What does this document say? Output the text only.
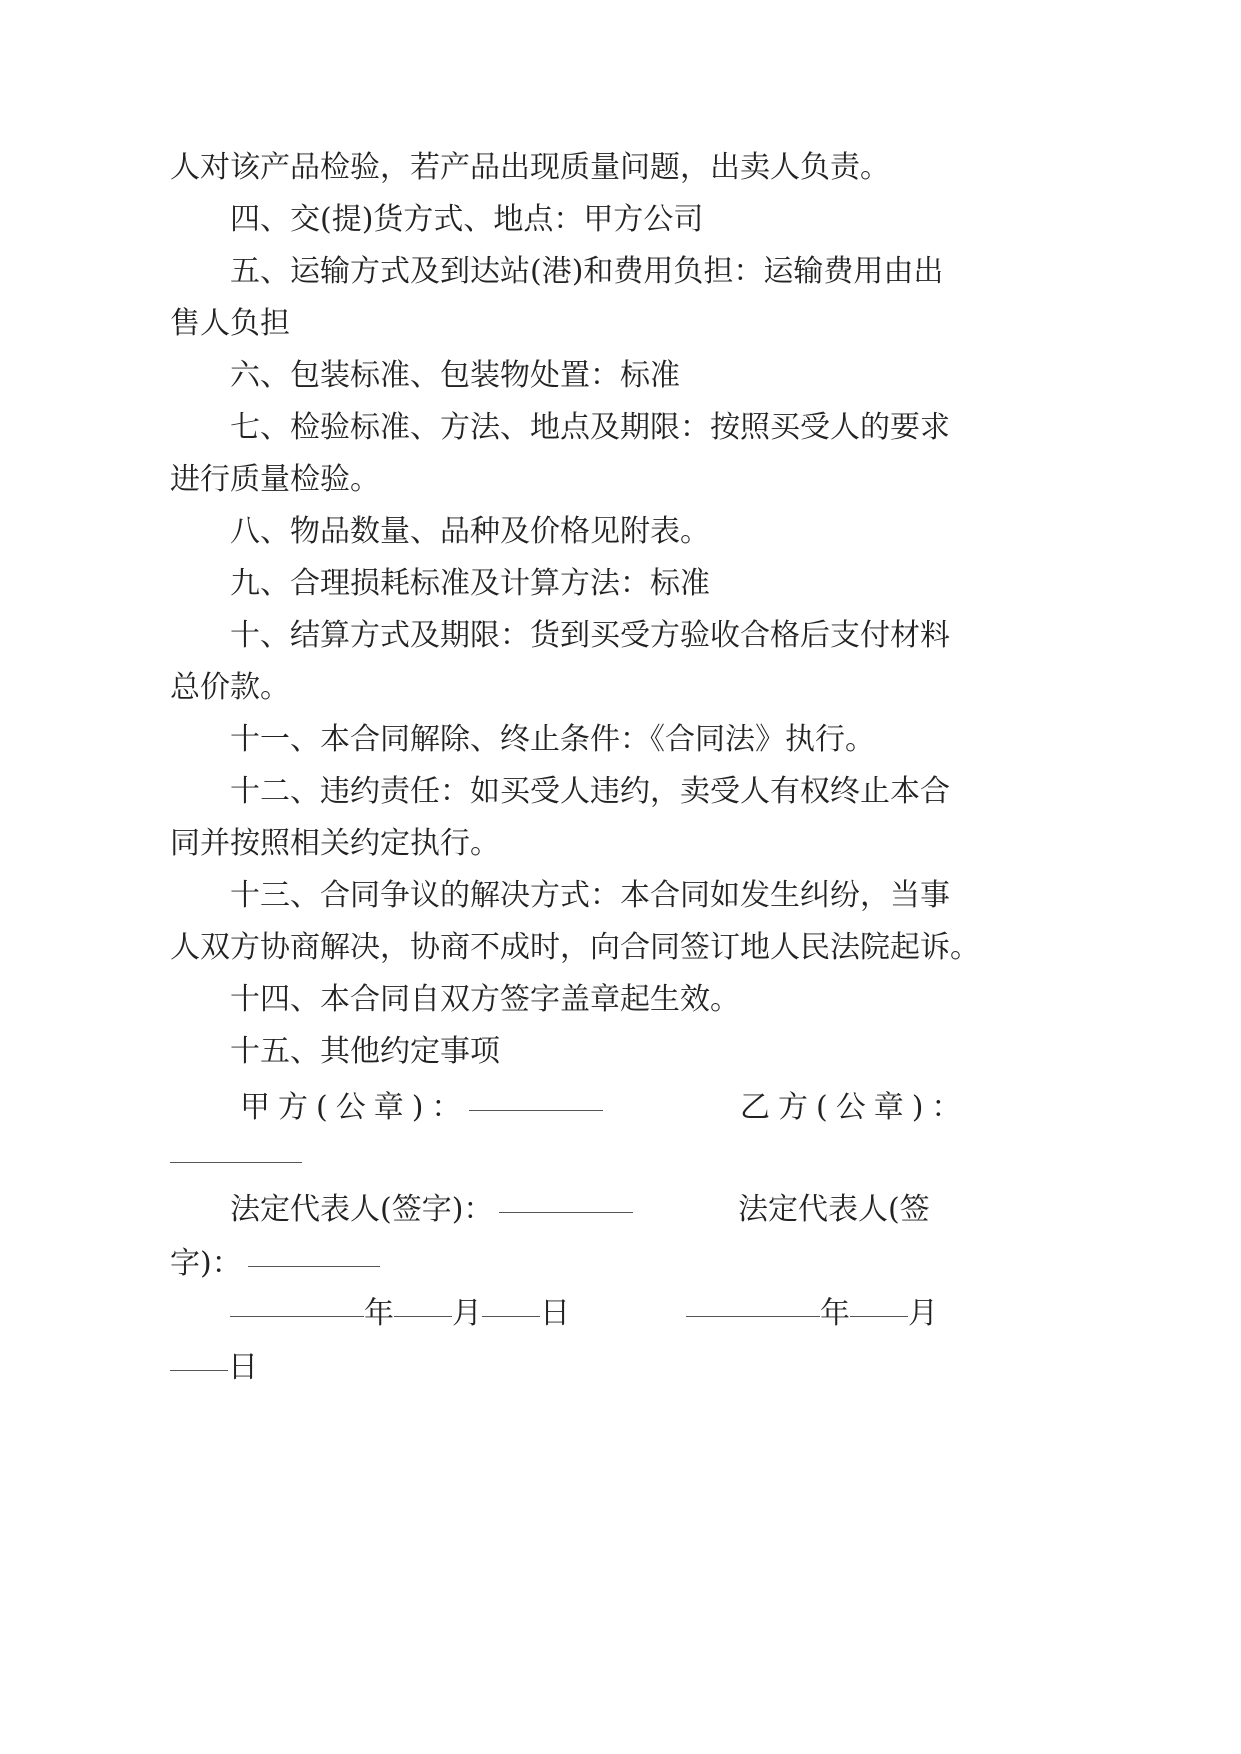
人对该产品检验，若产品出现质量问题，出卖人负责。
四、交(提)货方式、地点：甲方公司
五、运输方式及到达站(港)和费用负担：运输费用由出
售人负担
六、包装标准、包装物处置：标准
七、检验标准、方法、地点及期限：按照买受人的要求
进行质量检验。
八、物品数量、品种及价格见附表。
九、合理损耗标准及计算方法：标准
十、结算方式及期限：货到买受方验收合格后支付材料
总价款。
十一、本合同解除、终止条件：《合同法》执行。
十二、违约责任：如买受人违约，卖受人有权终止本合
同并按照相关约定执行。
十三、合同争议的解决方式：本合同如发生纠纷，当事
人双方协商解决，协商不成时，向合同签订地人民法院起诉。
十四、本合同自双方签字盖章起生效。
十五、其他约定事项
甲方(公章)：	乙方(公章)：
法定代表人(签字)：	法定代表人(签
字)：
年 月 日	年 月
日
